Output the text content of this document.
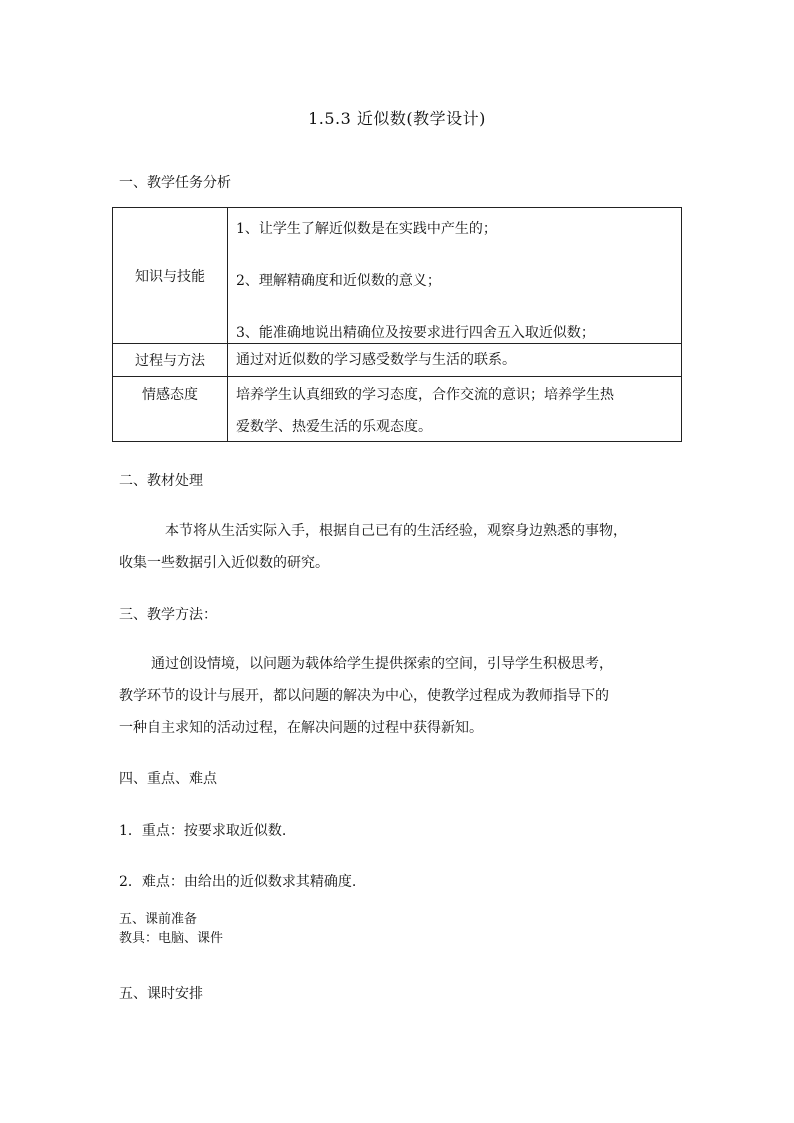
1.5.3 近似数(教学设计)
一、教学任务分析
知识与技能	1、让学生了解近似数是在实践中产生的；
2、理解精确度和近似数的意义；
3、能准确地说出精确位及按要求进行四舍五入取近似数；

过程与方法	通过对近似数的学习感受数学与生活的联系。

情感态度	培养学生认真细致的学习态度，合作交流的意识；培养学生热
爱数学、热爱生活的乐观态度。
二、教材处理
本节将从生活实际入手，根据自己已有的生活经验，观察身边熟悉的事物，
收集一些数据引入近似数的研究。
三、教学方法：
通过创设情境，以问题为载体给学生提供探索的空间，引导学生积极思考，
教学环节的设计与展开，都以问题的解决为中心，使教学过程成为教师指导下的
一种自主求知的活动过程，在解决问题的过程中获得新知。
四、重点、难点
1．重点：按要求取近似数.
2．难点：由给出的近似数求其精确度.
五、课前准备
教具：电脑、课件
五、课时安排
